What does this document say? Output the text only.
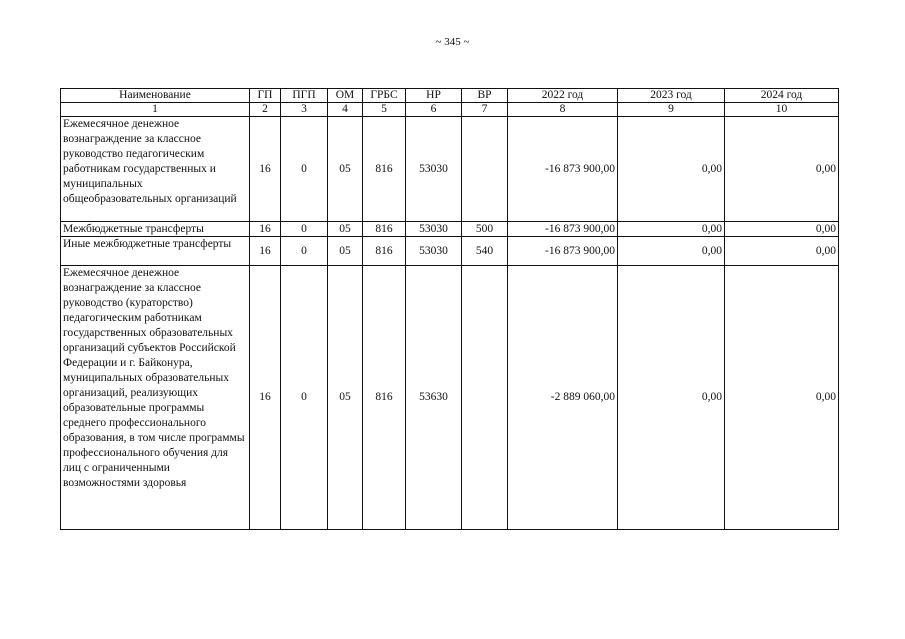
~ 345 ~
Наименование	ГП	ПГП	ОМ	ГРБС	НР	ВР	2022 год	2023 год	2024 год
1	2	3	4	5	6	7	8	9	10
Ежемесячное денежное вознаграждение за классное руководство педагогическим работникам государственных и муниципальных общеобразовательных организаций	16	0	05	816	53030		-16 873 900,00	0,00	0,00
Межбюджетные трансферты	16	0	05	816	53030	500	-16 873 900,00	0,00	0,00
Иные межбюджетные трансферты	16	0	05	816	53030	540	-16 873 900,00	0,00	0,00
Ежемесячное денежное вознаграждение за классное руководство (кураторство) педагогическим работникам государственных образовательных организаций субъектов Российской Федерации и г. Байконура, муниципальных образовательных организаций, реализующих образовательные программы среднего профессионального образования, в том числе программы профессионального обучения для лиц с ограниченными возможностями здоровья	16	0	05	816	53630		-2 889 060,00	0,00	0,00
